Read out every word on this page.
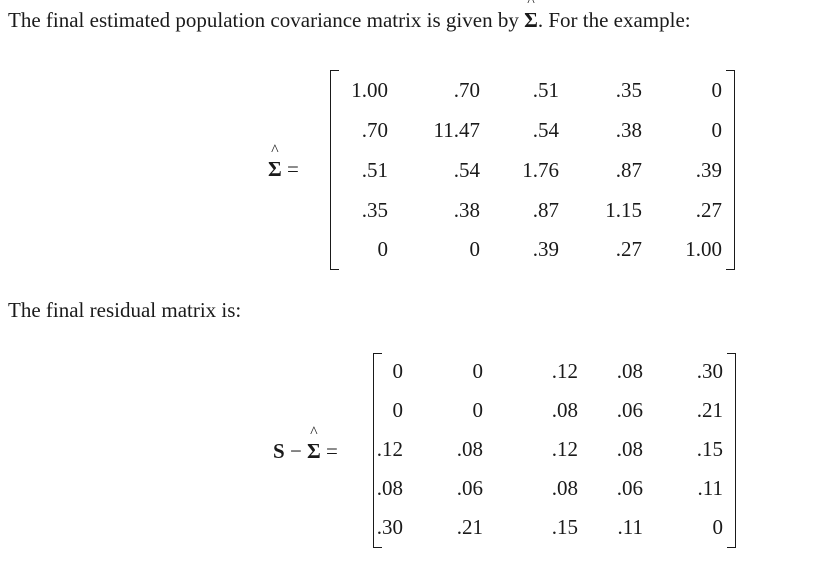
The final estimated population covariance matrix is given by ^ Σ. For the example:
^ Σ =
1.00	.70	.51	.35	0
.70	11.47	.54	.38	0
.51	.54	1.76	.87	.39
.35	.38	.87	1.15	.27
0	0	.39	.27	1.00
The final residual matrix is:
S − ^ Σ =
0	0	.12	.08	.30
0	0	.08	.06	.21
.12	.08	.12	.08	.15
.08	.06	.08	.06	.11
.30	.21	.15	.11	0
